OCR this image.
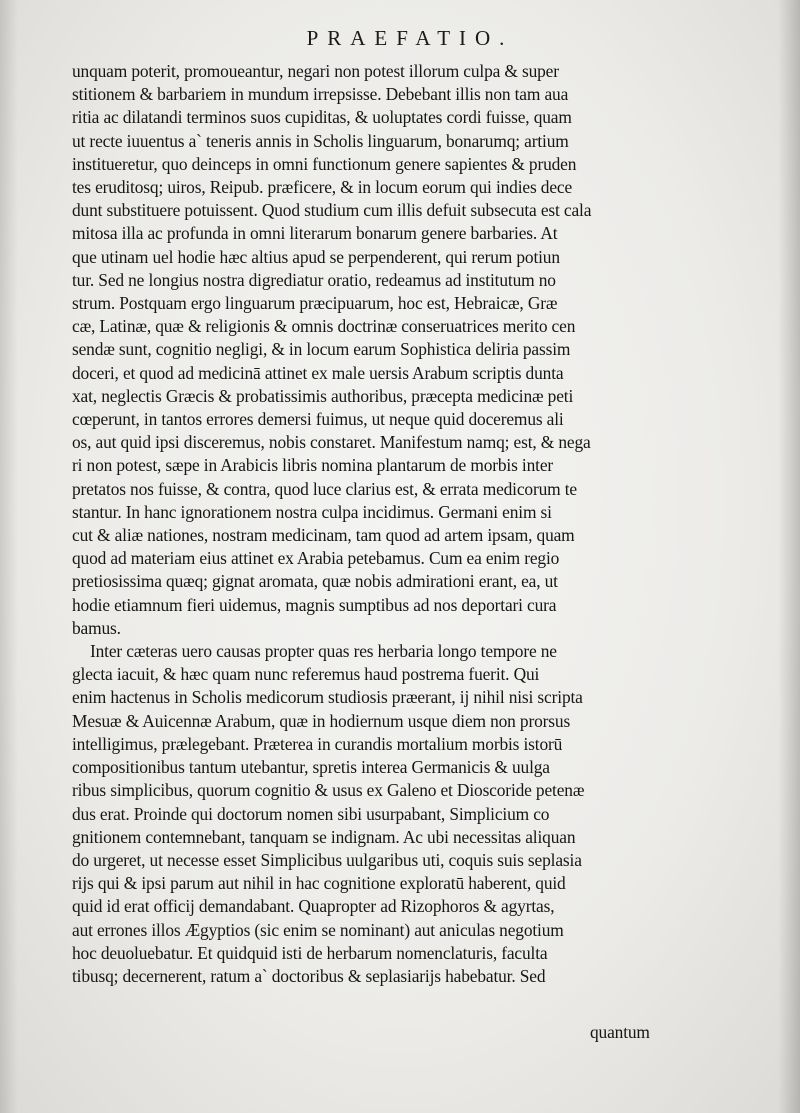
PRAEFATIO.
unquam poterit, promoueantur, negari non potest illorum culpa & super
stitionem & barbariem in mundum irrepsisse. Debebant illis non tam aua
ritia ac dilatandi terminos suos cupiditas, & uoluptates cordi fuisse, quam
ut recte iuuentus a` teneris annis in Scholis linguarum, bonarumq; artium
institueretur, quo deinceps in omni functionum genere sapientes & pruden
tes eruditosq; uiros, Reipub. præficere, & in locum eorum qui indies dece
dunt substituere potuissent. Quod studium cum illis defuit subsecuta est cala
mitosa illa ac profunda in omni literarum bonarum genere barbaries. At
que utinam uel hodie hæc altius apud se perpenderent, qui rerum potiun
tur. Sed ne longius nostra digrediatur oratio, redeamus ad institutum no
strum. Postquam ergo linguarum præcipuarum, hoc est, Hebraicæ, Græ
cæ, Latinæ, quæ & religionis & omnis doctrinæ conseruatrices merito cen
sendæ sunt, cognitio negligi, & in locum earum Sophistica deliria passim
doceri, et quod ad medicinā attinet ex male uersis Arabum scriptis dunta
xat, neglectis Græcis & probatissimis authoribus, præcepta medicinæ peti
cœperunt, in tantos errores demersi fuimus, ut neque quid doceremus ali
os, aut quid ipsi disceremus, nobis constaret. Manifestum namq; est, & nega
ri non potest, sæpe in Arabicis libris nomina plantarum de morbis inter
pretatos nos fuisse, & contra, quod luce clarius est, & errata medicorum te
stantur. In hanc ignorationem nostra culpa incidimus. Germani enim si
cut & aliæ nationes, nostram medicinam, tam quod ad artem ipsam, quam
quod ad materiam eius attinet ex Arabia petebamus. Cum ea enim regio
pretiosissima quæq; gignat aromata, quæ nobis admirationi erant, ea, ut
hodie etiamnum fieri uidemus, magnis sumptibus ad nos deportari cura
bamus.
Inter cæteras uero causas propter quas res herbaria longo tempore ne
glecta iacuit, & hæc quam nunc referemus haud postrema fuerit. Qui
enim hactenus in Scholis medicorum studiosis præerant, ij nihil nisi scripta
Mesuæ & Auicennæ Arabum, quæ in hodiernum usque diem non prorsus
intelligimus, prælegebant. Præterea in curandis mortalium morbis istorū
compositionibus tantum utebantur, spretis interea Germanicis & uulga
ribus simplicibus, quorum cognitio & usus ex Galeno et Dioscoride petenæ
dus erat. Proinde qui doctorum nomen sibi usurpabant, Simplicium co
gnitionem contemnebant, tanquam se indignam. Ac ubi necessitas aliquan
do urgeret, ut necesse esset Simplicibus uulgaribus uti, coquis suis seplasia
rijs qui & ipsi parum aut nihil in hac cognitione exploratū haberent, quid
quid id erat officij demandabant. Quapropter ad Rizophoros & agyrtas,
aut errones illos Ægyptios (sic enim se nominant) aut aniculas negotium
hoc deuoluebatur. Et quidquid isti de herbarum nomenclaturis, faculta
tibusq; decernerent, ratum a` doctoribus & seplasiarijs habebatur. Sed
quantum
